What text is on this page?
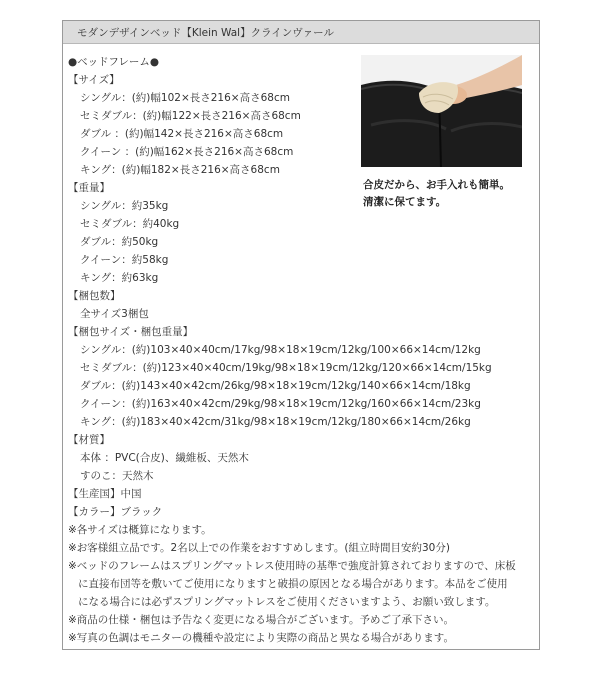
モダンデザインベッド【Klein Wal】クラインヴァール
●ベッドフレーム●
【サイズ】
シングル：(約)幅102×長さ216×高さ68cm
セミダブル：(約)幅122×長さ216×高さ68cm
ダブル ：(約)幅142×長さ216×高さ68cm
クイーン ：(約)幅162×長さ216×高さ68cm
キング：(約)幅182×長さ216×高さ68cm
【重量】
シングル：約35kg
セミダブル：約40kg
ダブル：約50kg
クイーン：約58kg
キング：約63kg
【梱包数】
全サイズ3梱包
【梱包サイズ・梱包重量】
シングル：(約)103×40×40cm/17kg/98×18×19cm/12kg/100×66×14cm/12kg
セミダブル：(約)123×40×40cm/19kg/98×18×19cm/12kg/120×66×14cm/15kg
ダブル：(約)143×40×42cm/26kg/98×18×19cm/12kg/140×66×14cm/18kg
クイーン：(約)163×40×42cm/29kg/98×18×19cm/12kg/160×66×14cm/23kg
キング：(約)183×40×42cm/31kg/98×18×19cm/12kg/180×66×14cm/26kg
【材質】
本体 ：PVC(合皮)、繊維板、天然木
すのこ：天然木
【生産国】中国
【カラー】ブラック
※各サイズは概算になります。
※お客様組立品です。2名以上での作業をおすすめします。(組立時間目安約30分)
※ベッドのフレームはスプリングマットレス使用時の基準で強度計算されておりますので、床板
に直接布団等を敷いてご使用になりますと破損の原因となる場合があります。本品をご使用
になる場合には必ずスプリングマットレスをご使用くださいますよう、お願い致します。
※商品の仕様・梱包は予告なく変更になる場合がございます。予めご了承下さい。
※写真の色調はモニターの機種や設定により実際の商品と異なる場合があります。
合皮だから、お手入れも簡単。
清潔に保てます。
